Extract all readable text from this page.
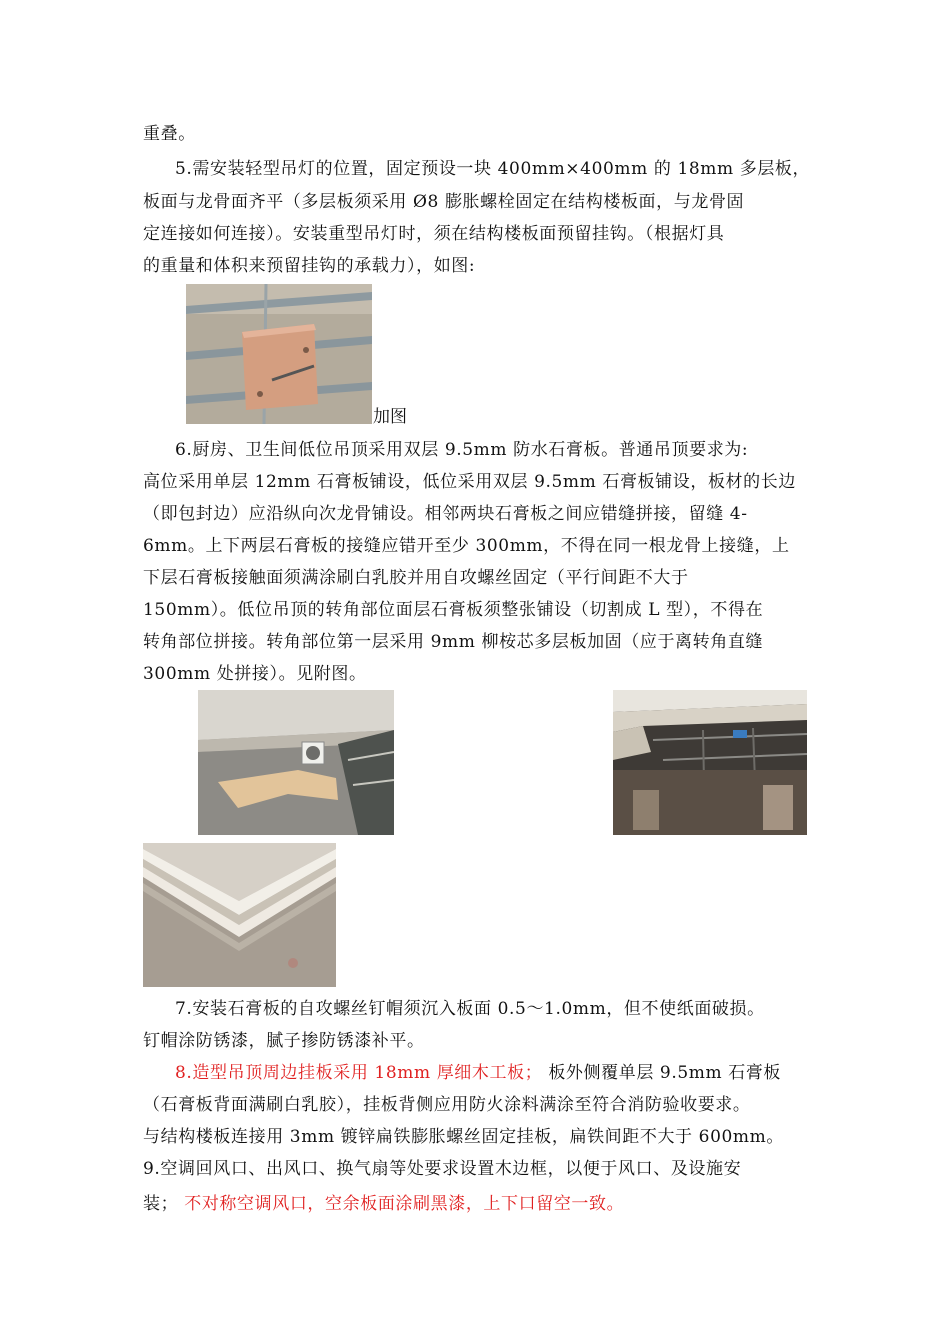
重叠。
5.需安装轻型吊灯的位置，固定预设一块 400mm×400mm 的 18mm 多层板，
板面与龙骨面齐平（多层板须采用 Ø8 膨胀螺栓固定在结构楼板面，与龙骨固
定连接如何连接）。安装重型吊灯时，须在结构楼板面预留挂钩。（根据灯具
的重量和体积来预留挂钩的承载力），如图:
加图
6.厨房、卫生间低位吊顶采用双层 9.5mm 防水石膏板。普通吊顶要求为:
高位采用单层 12mm 石膏板铺设，低位采用双层 9.5mm 石膏板铺设，板材的长边
（即包封边）应沿纵向次龙骨铺设。相邻两块石膏板之间应错缝拼接，留缝 4-
6mm。上下两层石膏板的接缝应错开至少 300mm，不得在同一根龙骨上接缝，上
下层石膏板接触面须满涂刷白乳胶并用自攻螺丝固定（平行间距不大于
150mm）。低位吊顶的转角部位面层石膏板须整张铺设（切割成 L 型），不得在
转角部位拼接。转角部位第一层采用 9mm 柳桉芯多层板加固（应于离转角直缝
300mm 处拼接）。见附图。
7.安装石膏板的自攻螺丝钉帽须沉入板面 0.5～1.0mm，但不使纸面破损。
钉帽涂防锈漆，腻子掺防锈漆补平。
8.造型吊顶周边挂板采用 18mm 厚细木工板； 板外侧覆单层 9.5mm 石膏板
（石膏板背面满刷白乳胶），挂板背侧应用防火涂料满涂至符合消防验收要求。
与结构楼板连接用 3mm 镀锌扁铁膨胀螺丝固定挂板，扁铁间距不大于 600mm。
9.空调回风口、出风口、换气扇等处要求设置木边框，以便于风口、及设施安
装； 不对称空调风口，空余板面涂刷黑漆，上下口留空一致。
